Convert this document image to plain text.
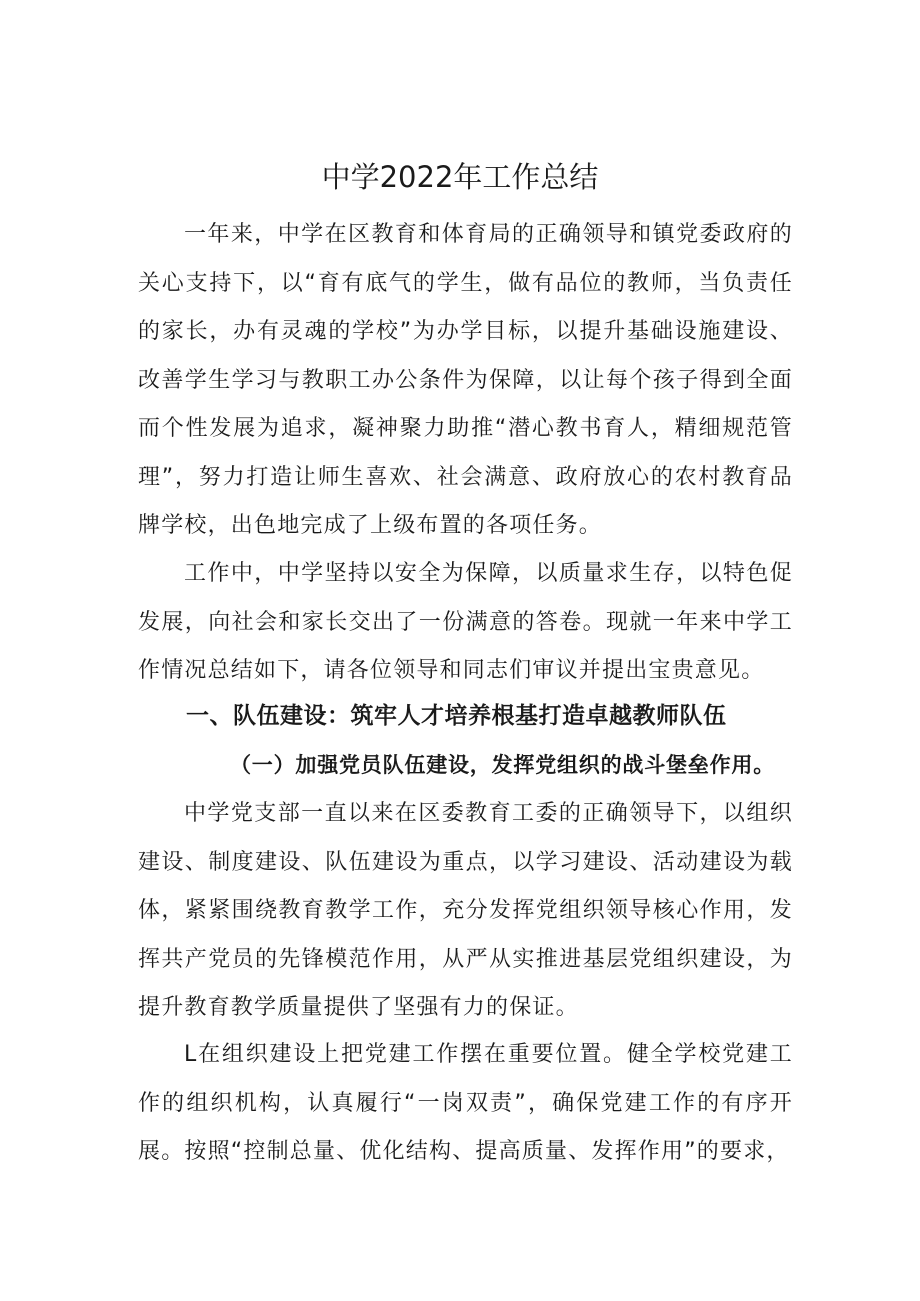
中学2022年工作总结

一年来，中学在区教育和体育局的正确领导和镇党委政府的关心支持下，以“育有底气的学生，做有品位的教师，当负责任的家长，办有灵魂的学校”为办学目标，以提升基础设施建设、改善学生学习与教职工办公条件为保障，以让每个孩子得到全面而个性发展为追求，凝神聚力助推“潜心教书育人，精细规范管理”，努力打造让师生喜欢、社会满意、政府放心的农村教育品牌学校，出色地完成了上级布置的各项任务。

工作中，中学坚持以安全为保障，以质量求生存，以特色促发展，向社会和家长交出了一份满意的答卷。现就一年来中学工作情况总结如下，请各位领导和同志们审议并提出宝贵意见。

一、队伍建设：筑牢人才培养根基打造卓越教师队伍
（一）加强党员队伍建设，发挥党组织的战斗堡垒作用。

中学党支部一直以来在区委教育工委的正确领导下，以组织建设、制度建设、队伍建设为重点，以学习建设、活动建设为载体，紧紧围绕教育教学工作，充分发挥党组织领导核心作用，发挥共产党员的先锋模范作用，从严从实推进基层党组织建设，为提升教育教学质量提供了坚强有力的保证。

L在组织建设上把党建工作摆在重要位置。健全学校党建工作的组织机构，认真履行“一岗双责”，确保党建工作的有序开展。按照“控制总量、优化结构、提高质量、发挥作用”的要求，
